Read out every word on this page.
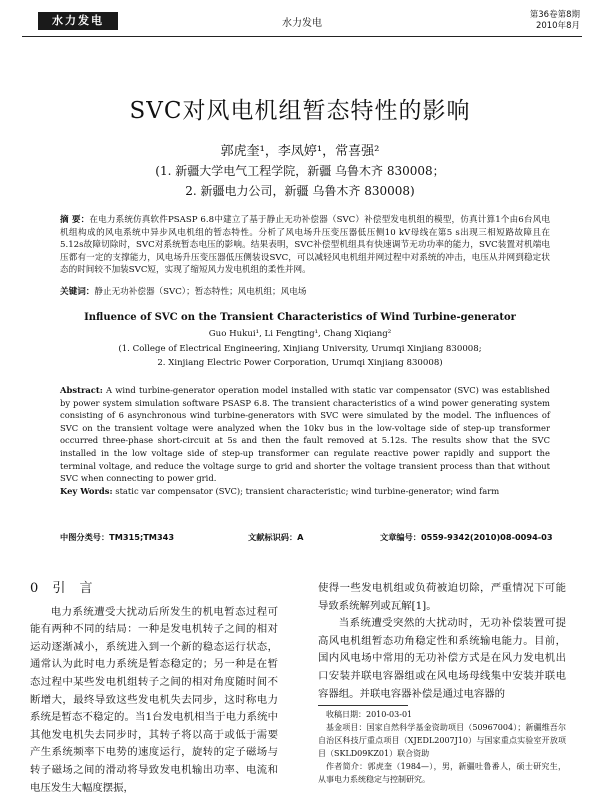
水力发电	水力发电
第36卷第8期
2010年8月
SVC对风电机组暂态特性的影响
郭虎奎¹，李凤婷¹，常喜强²
(1. 新疆大学电气工程学院，新疆 乌鲁木齐 830008；
2. 新疆电力公司，新疆 乌鲁木齐 830008)
摘 要：在电力系统仿真软件PSASP 6.8中建立了基于静止无功补偿器（SVC）补偿型发电机组的模型，仿真计算1个由6台风电机组构成的风电系统中异步风电机组的暂态特性。分析了风电场升压变压器低压侧10 kV母线在第5 s出现三相短路故障且在5.12s故障切除时，SVC对系统暂态电压的影响。结果表明，SVC补偿型机组具有快速调节无功功率的能力，SVC装置对机端电压都有一定的支撑能力，风电场升压变压器低压侧装设SVC，可以减轻风电机组并网过程中对系统的冲击，电压从并网到稳定状态的时间较不加装SVC短，实现了缩短风力发电机组的柔性并网。
关键词：静止无功补偿器（SVC）；暂态特性；风电机组；风电场
Influence of SVC on the Transient Characteristics of Wind Turbine-generator
Guo Hukui¹, Li Fengting¹, Chang Xiqiang²
(1. College of Electrical Engineering, Xinjiang University, Urumqi Xinjiang 830008;
2. Xinjiang Electric Power Corporation, Urumqi Xinjiang 830008)
Abstract: A wind turbine-generator operation model installed with static var compensator (SVC) was established by power system simulation software PSASP 6.8. The transient characteristics of a wind power generating system consisting of 6 asynchronous wind turbine-generators with SVC were simulated by the model. The influences of SVC on the transient voltage were analyzed when the 10kv bus in the low-voltage side of step-up transformer occurred three-phase short-circuit at 5s and then the fault removed at 5.12s. The results show that the SVC installed in the low voltage side of step-up transformer can regulate reactive power rapidly and support the terminal voltage, and reduce the voltage surge to grid and shorter the voltage transient process than that without SVC when connecting to power grid.
Key Words: static var compensator (SVC); transient characteristic; wind turbine-generator; wind farm
中图分类号：TM315;TM343	文献标识码：A	文章编号：0559-9342(2010)08-0094-03
0 引 言

电力系统遭受大扰动后所发生的机电暂态过程可能有两种不同的结局：一种是发电机转子之间的相对运动逐渐减小，系统进入到一个新的稳态运行状态，通常认为此时电力系统是暂态稳定的；另一种是在暂态过程中某些发电机组转子之间的相对角度随时间不断增大，最终导致这些发电机失去同步，这时称电力系统是暂态不稳定的。当1台发电机相当于电力系统中其他发电机失去同步时，其转子将以高于或低于需要产生系统频率下电势的速度运行，旋转的定子磁场与转子磁场之间的滑动将导致发电机输出功率、电流和电压发生大幅度摆振，

使得一些发电机组或负荷被迫切除，严重情况下可能导致系统解列或瓦解[1]。

当系统遭受突然的大扰动时，无功补偿装置可提高风电机组暂态功角稳定性和系统输电能力。目前，国内风电场中常用的无功补偿方式是在风力发电机出口安装并联电容器组或在风电场母线集中安装并联电容器组。并联电容器补偿是通过电容器的

收稿日期：2010-03-01
基金项目：国家自然科学基金资助项目（50967004）；新疆维吾尔自治区科技厅重点项目（XJEDL2007J10）与国家重点实验室开放项目（SKLD09KZ01）联合资助
作者简介：郭虎奎（1984—），男，新疆吐鲁番人，硕士研究生，从事电力系统稳定与控制研究。
